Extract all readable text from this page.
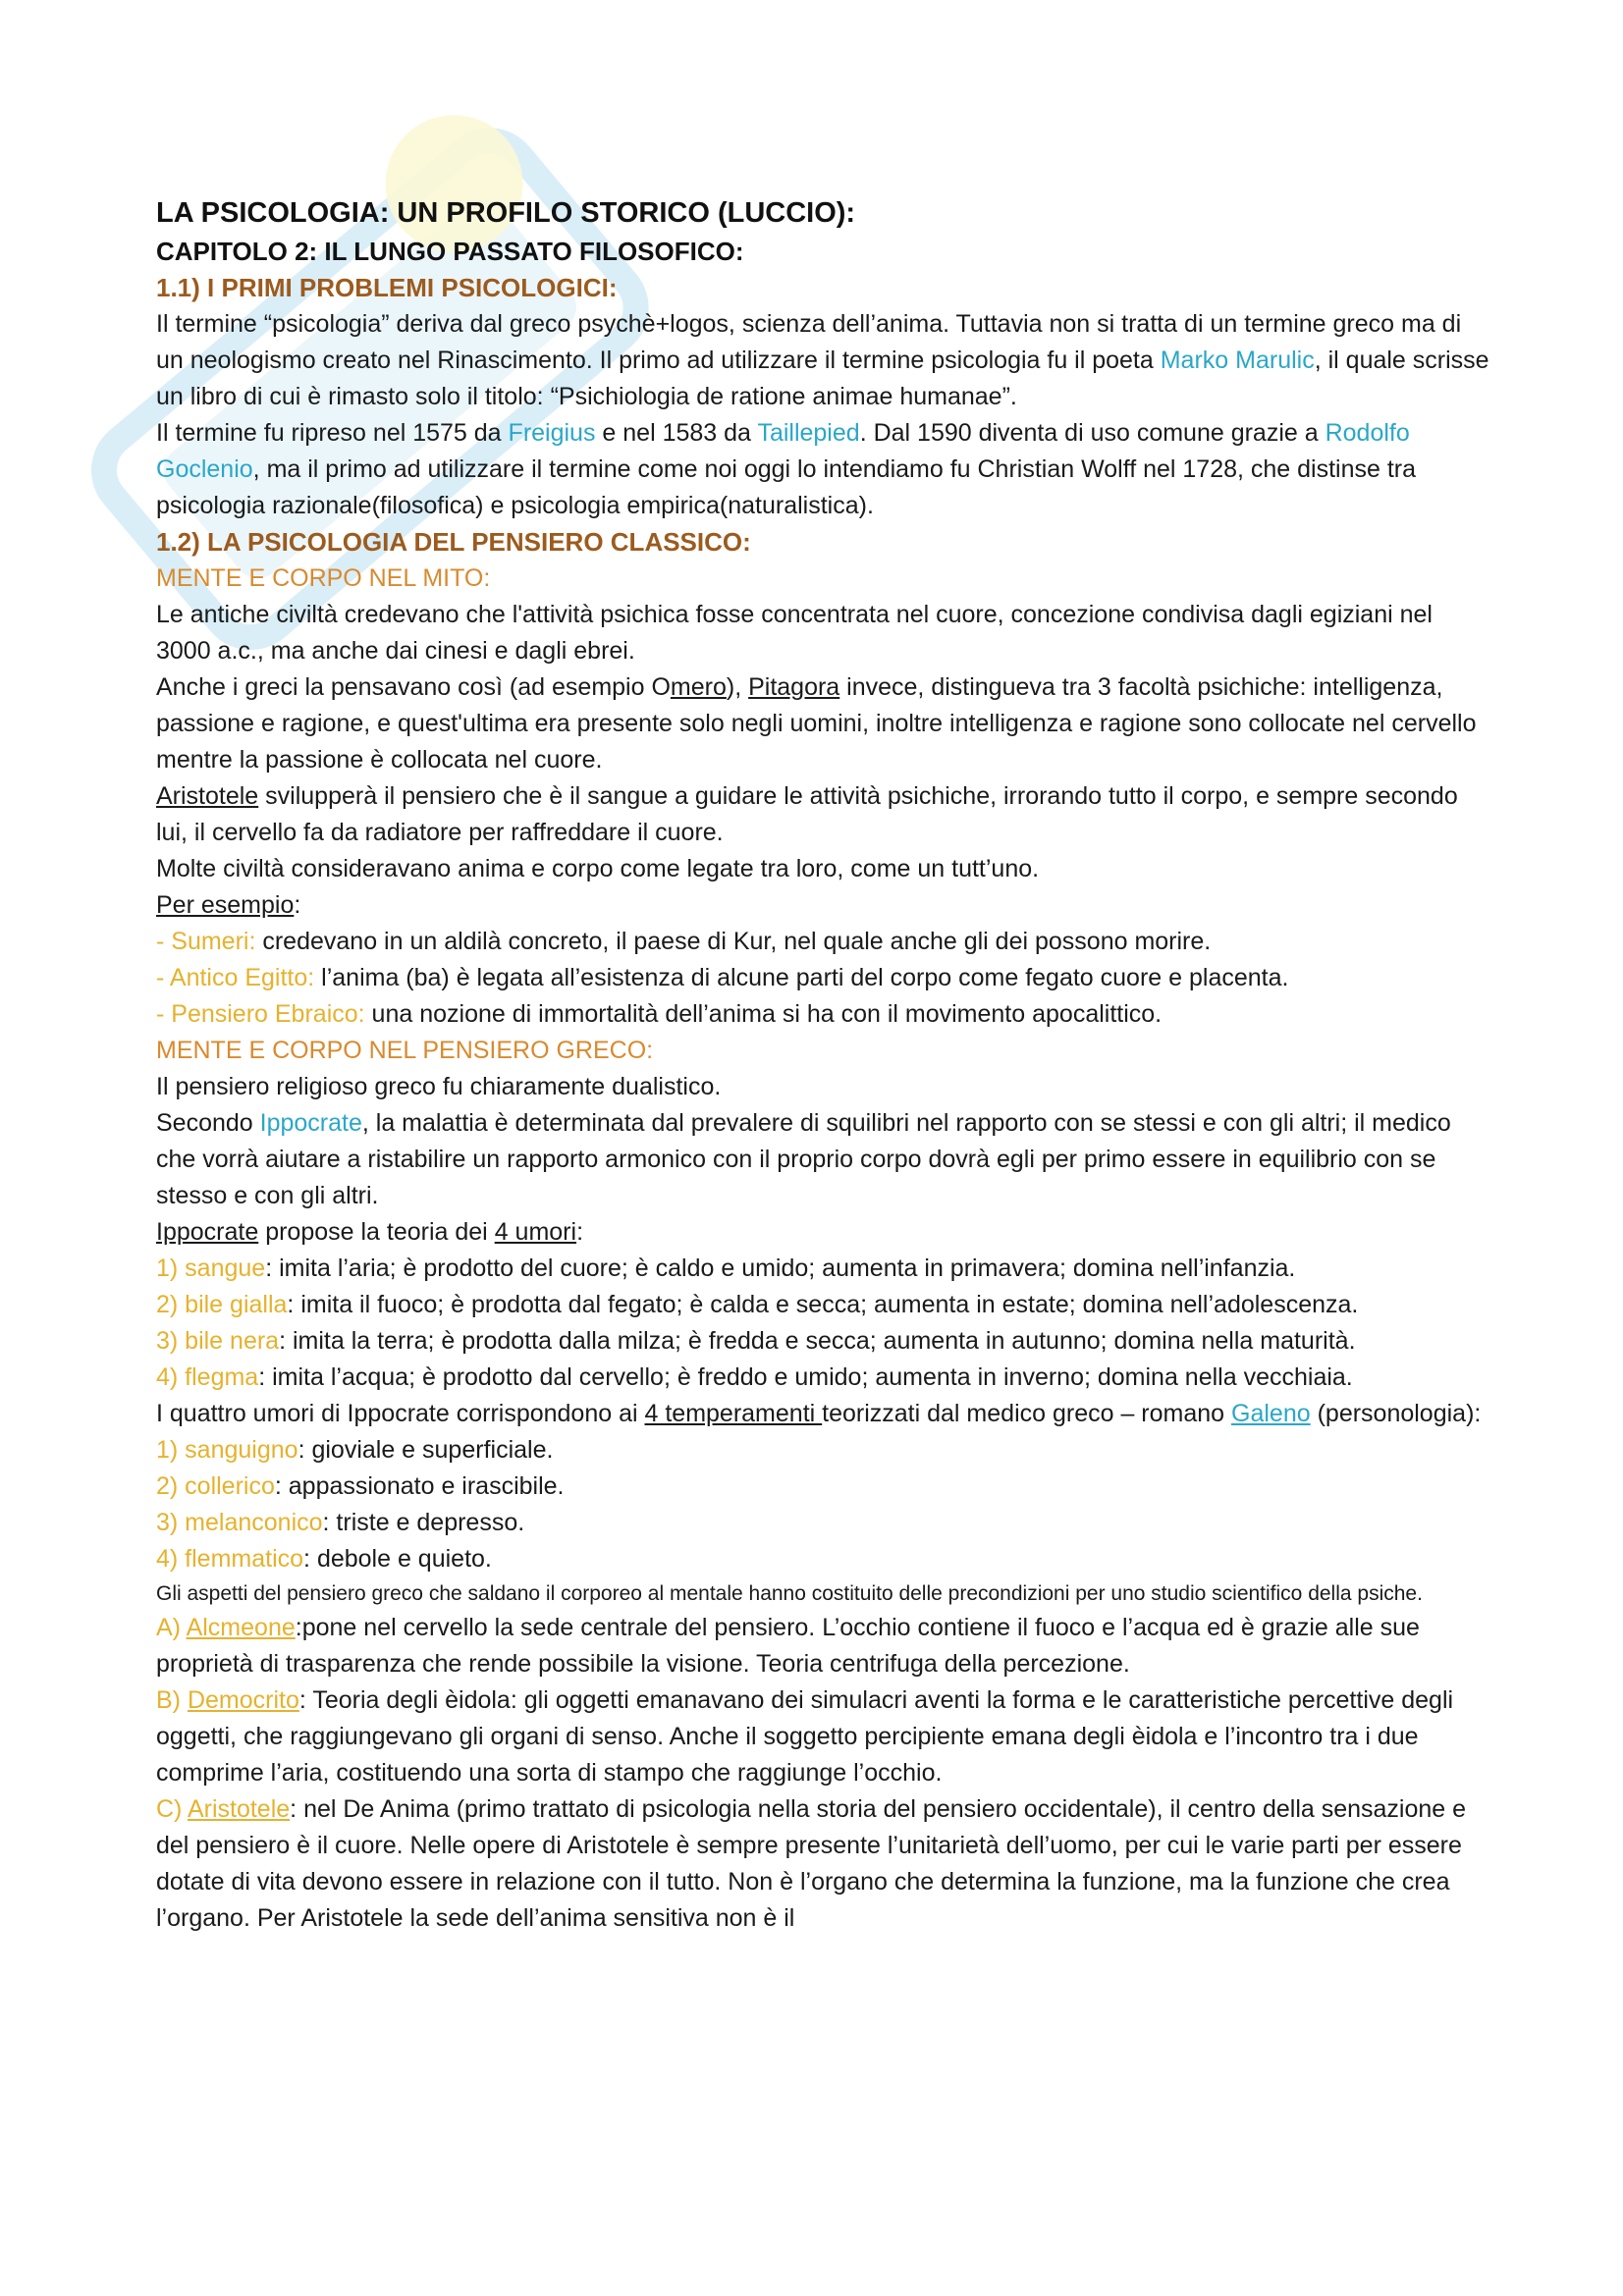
LA PSICOLOGIA: UN PROFILO STORICO (LUCCIO):

CAPITOLO 2: IL LUNGO PASSATO FILOSOFICO:

1.1) I PRIMI PROBLEMI PSICOLOGICI:

Il termine “psicologia” deriva dal greco psychè+logos, scienza dell’anima. Tuttavia non si tratta di un termine greco ma di un neologismo creato nel Rinascimento. Il primo ad utilizzare il termine psicologia fu il poeta Marko Marulic, il quale scrisse un libro di cui è rimasto solo il titolo: “Psichiologia de ratione animae humanae”.

Il termine fu ripreso nel 1575 da Freigius e nel 1583 da Taillepied. Dal 1590 diventa di uso comune grazie a Rodolfo Goclenio, ma il primo ad utilizzare il termine come noi oggi lo intendiamo fu Christian Wolff nel 1728, che distinse tra psicologia razionale(filosofica) e psicologia empirica(naturalistica).

1.2) LA PSICOLOGIA DEL PENSIERO CLASSICO:

MENTE E CORPO NEL MITO:

Le antiche civiltà credevano che l'attività psichica fosse concentrata nel cuore, concezione condivisa dagli egiziani nel 3000 a.c., ma anche dai cinesi e dagli ebrei.

Anche i greci la pensavano così (ad esempio Omero), Pitagora invece, distingueva tra 3 facoltà psichiche: intelligenza, passione e ragione, e quest'ultima era presente solo negli uomini, inoltre intelligenza e ragione sono collocate nel cervello mentre la passione è collocata nel cuore.

Aristotele svilupperà il pensiero che è il sangue a guidare le attività psichiche, irrorando tutto il corpo, e sempre secondo lui, il cervello fa da radiatore per raffreddare il cuore.

Molte civiltà consideravano anima e corpo come legate tra loro, come un tutt’uno.

Per esempio:

- Sumeri: credevano in un aldilà concreto, il paese di Kur, nel quale anche gli dei possono morire.

- Antico Egitto: l’anima (ba) è legata all’esistenza di alcune parti del corpo come fegato cuore e placenta.

- Pensiero Ebraico: una nozione di immortalità dell’anima si ha con il movimento apocalittico.

MENTE E CORPO NEL PENSIERO GRECO:

Il pensiero religioso greco fu chiaramente dualistico.

Secondo Ippocrate, la malattia è determinata dal prevalere di squilibri nel rapporto con se stessi e con gli altri; il medico che vorrà aiutare a ristabilire un rapporto armonico con il proprio corpo dovrà egli per primo essere in equilibrio con se stesso e con gli altri.

Ippocrate propose la teoria dei 4 umori:

1) sangue: imita l’aria; è prodotto del cuore; è caldo e umido; aumenta in primavera; domina nell’infanzia.

2) bile gialla: imita il fuoco; è prodotta dal fegato; è calda e secca; aumenta in estate; domina nell’adolescenza.

3) bile nera: imita la terra; è prodotta dalla milza; è fredda e secca; aumenta in autunno; domina nella maturità.

4) flegma: imita l’acqua; è prodotto dal cervello; è freddo e umido; aumenta in inverno; domina nella vecchiaia.

I quattro umori di Ippocrate corrispondono ai 4 temperamenti teorizzati dal medico greco – romano Galeno (personologia):

1) sanguigno: gioviale e superficiale.

2) collerico: appassionato e irascibile.

3) melanconico: triste e depresso.

4) flemmatico: debole e quieto.

Gli aspetti del pensiero greco che saldano il corporeo al mentale hanno costituito delle precondizioni per uno studio scientifico della psiche.

A) Alcmeone:pone nel cervello la sede centrale del pensiero. L’occhio contiene il fuoco e l’acqua ed è grazie alle sue proprietà di trasparenza che rende possibile la visione. Teoria centrifuga della percezione.

B) Democrito: Teoria degli èidola: gli oggetti emanavano dei simulacri aventi la forma e le caratteristiche percettive degli oggetti, che raggiungevano gli organi di senso. Anche il soggetto percipiente emana degli èidola e l’incontro tra i due comprime l’aria, costituendo una sorta di stampo che raggiunge l’occhio.

C) Aristotele: nel De Anima (primo trattato di psicologia nella storia del pensiero occidentale), il centro della sensazione e del pensiero è il cuore. Nelle opere di Aristotele è sempre presente l’unitarietà dell’uomo, per cui le varie parti per essere dotate di vita devono essere in relazione con il tutto. Non è l’organo che determina la funzione, ma la funzione che crea l’organo. Per Aristotele la sede dell’anima sensitiva non è il
